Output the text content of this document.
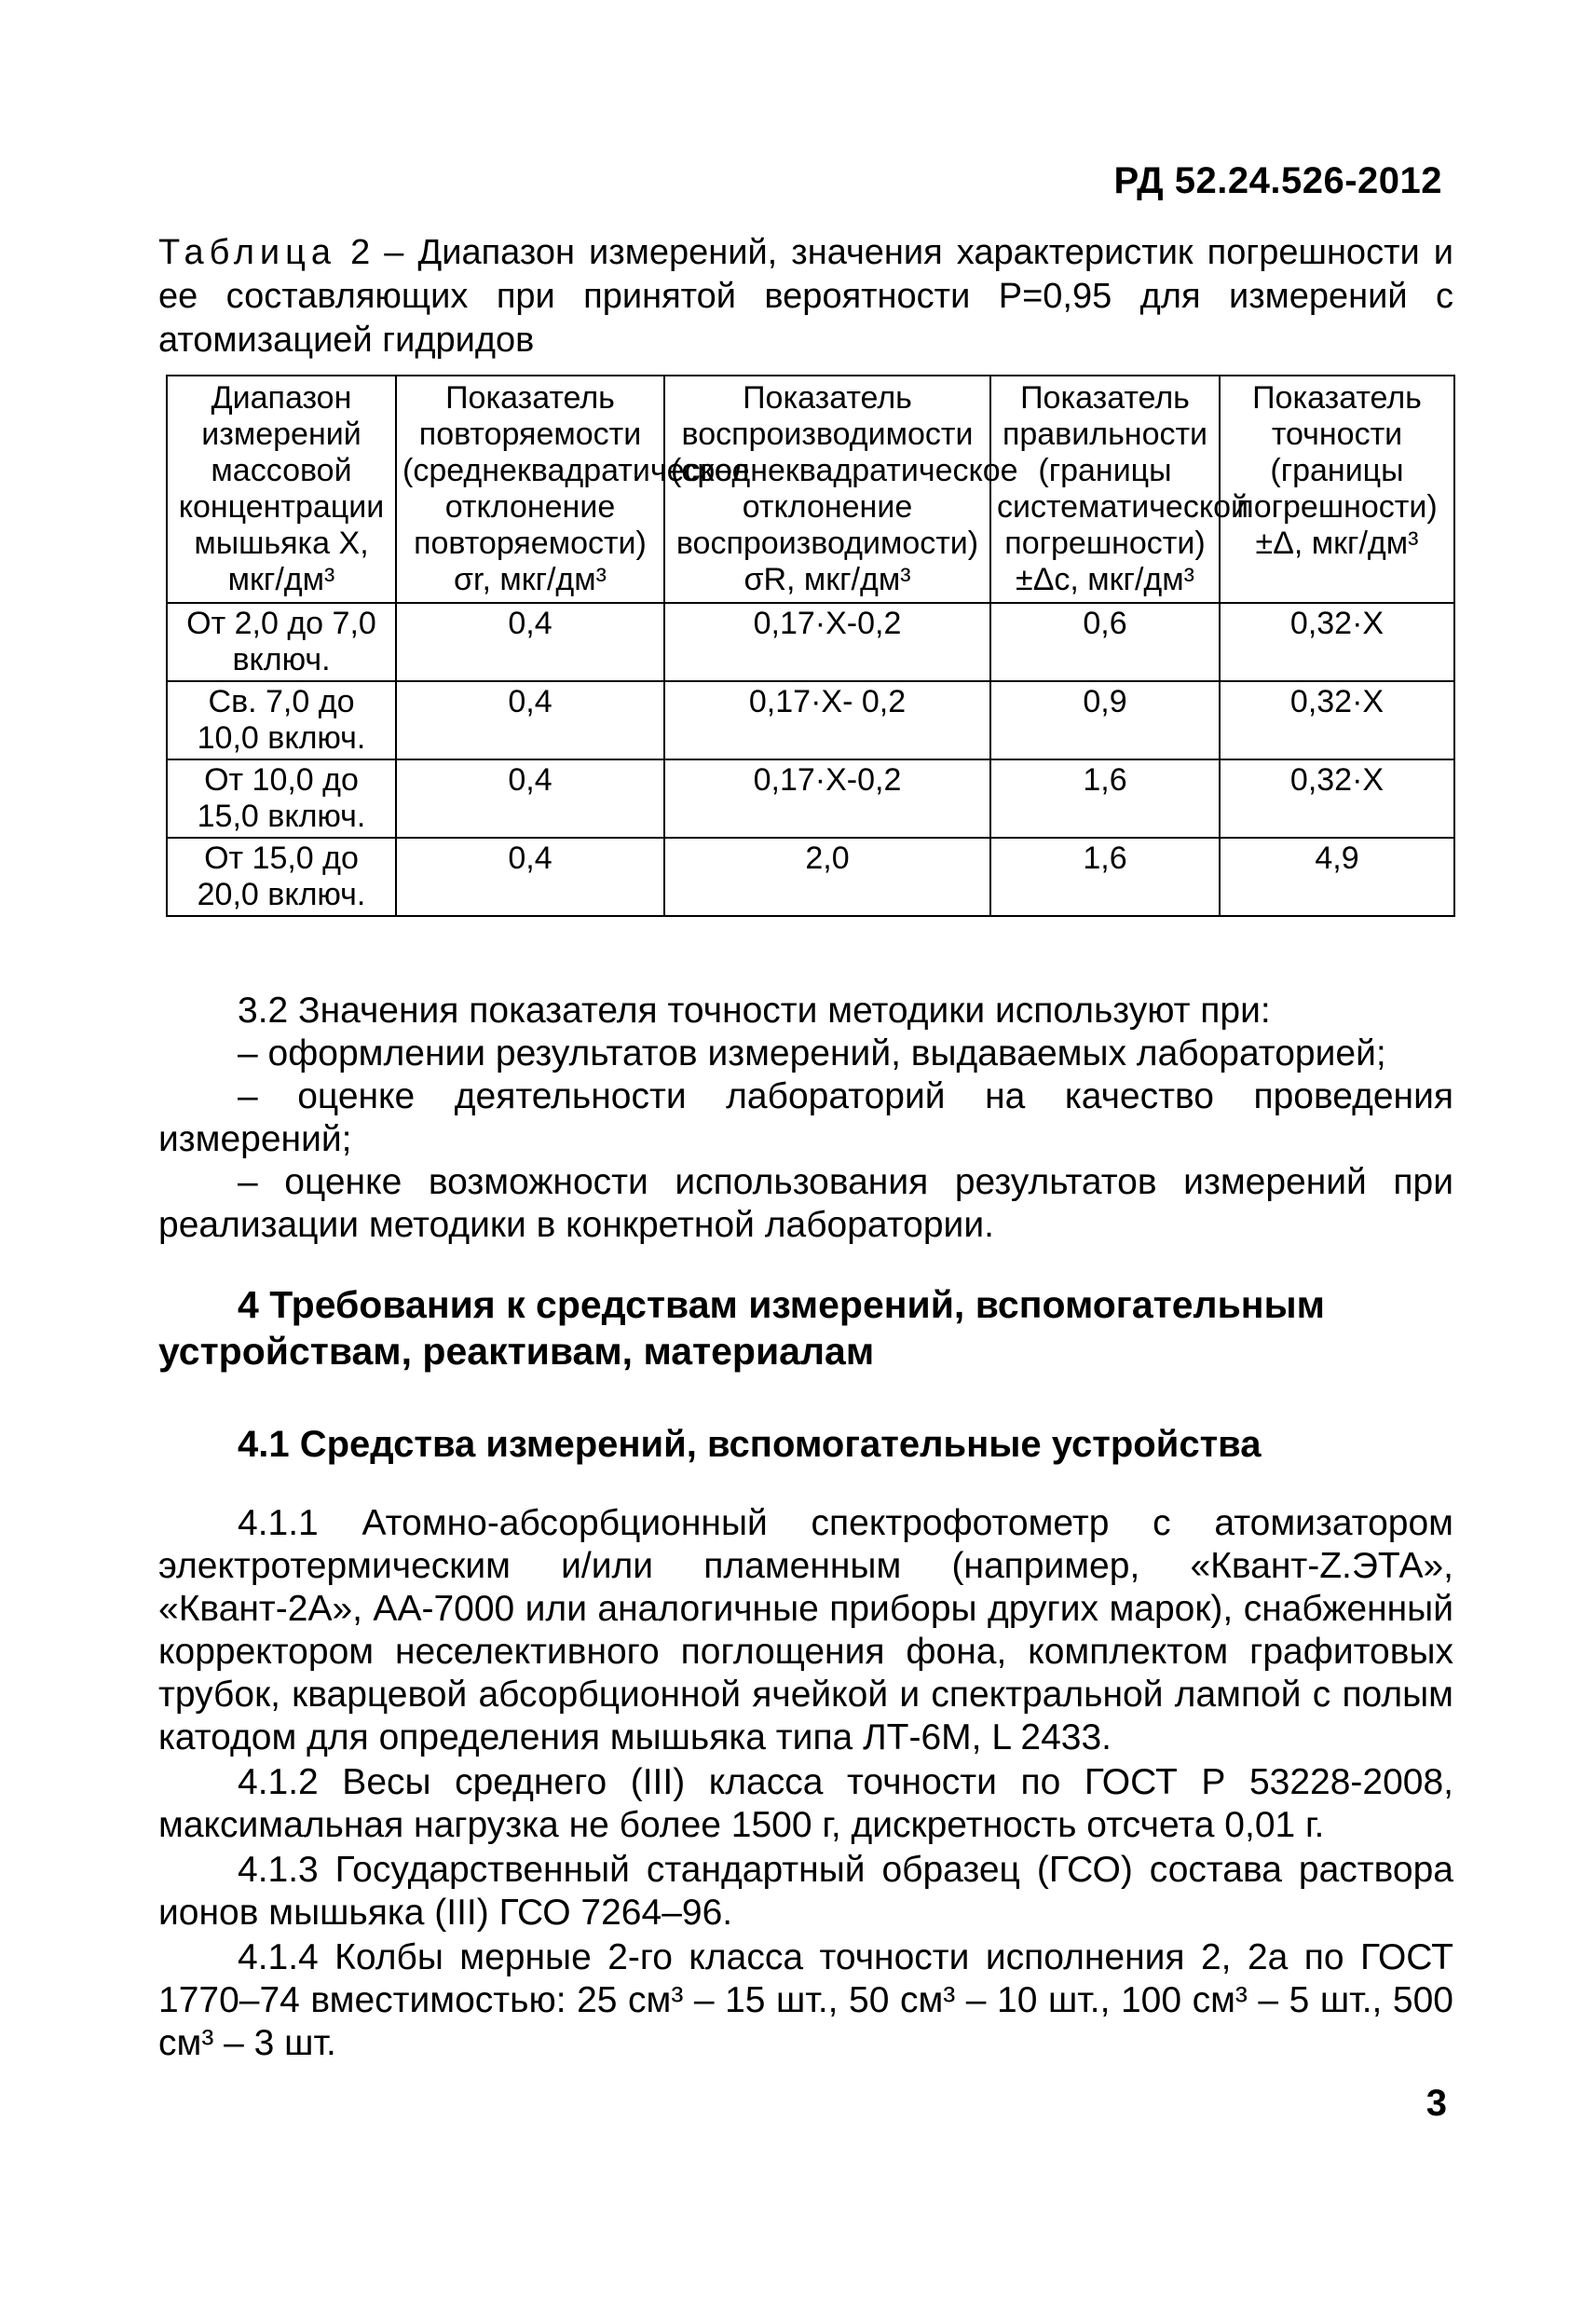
РД 52.24.526-2012
Таблица 2 – Диапазон измерений, значения характеристик погрешности и ее составляющих при принятой вероятности Р=0,95 для измерений с атомизацией гидридов
Диапазон измерений массовой концентрации мышьяка Х, мкг/дм³	Показатель повторяемости (среднеквадратическое отклонение повторяемости) σr, мкг/дм³	Показатель воспроизводимости (среднеквадратическое отклонение воспроизводимости) σR, мкг/дм³	Показатель правильности (границы систематической погрешности) ±Δc, мкг/дм³	Показатель точности (границы погрешности) ±Δ, мкг/дм³
От 2,0 до 7,0 включ.	0,4	0,17·Х-0,2	0,6	0,32·Х
Св. 7,0 до 10,0 включ.	0,4	0,17·Х- 0,2	0,9	0,32·Х
От 10,0 до 15,0 включ.	0,4	0,17·Х-0,2	1,6	0,32·Х
От 15,0 до 20,0 включ.	0,4	2,0	1,6	4,9
3.2 Значения показателя точности методики используют при:
– оформлении результатов измерений, выдаваемых лабораторией;
– оценке деятельности лабораторий на качество проведения измерений;
– оценке возможности использования результатов измерений при реализации методики в конкретной лаборатории.
4 Требования к средствам измерений, вспомогательным устройствам, реактивам, материалам
4.1 Средства измерений, вспомогательные устройства
4.1.1 Атомно-абсорбционный спектрофотометр с атомизатором электротермическим и/или пламенным (например, «Квант-Z.ЭТА», «Квант-2А», АА-7000 или аналогичные приборы других марок), снабженный корректором неселективного поглощения фона, комплектом графитовых трубок, кварцевой абсорбционной ячейкой и спектральной лампой с полым катодом для определения мышьяка типа ЛТ-6М, L 2433.
4.1.2 Весы среднего (III) класса точности по ГОСТ Р 53228-2008, максимальная нагрузка не более 1500 г, дискретность отсчета 0,01 г.
4.1.3 Государственный стандартный образец (ГСО) состава раствора ионов мышьяка (III) ГСО 7264–96.
4.1.4 Колбы мерные 2-го класса точности исполнения 2, 2а по ГОСТ 1770–74 вместимостью: 25 см³ – 15 шт., 50 см³ – 10 шт., 100 см³ – 5 шт., 500 см³ – 3 шт.
3
